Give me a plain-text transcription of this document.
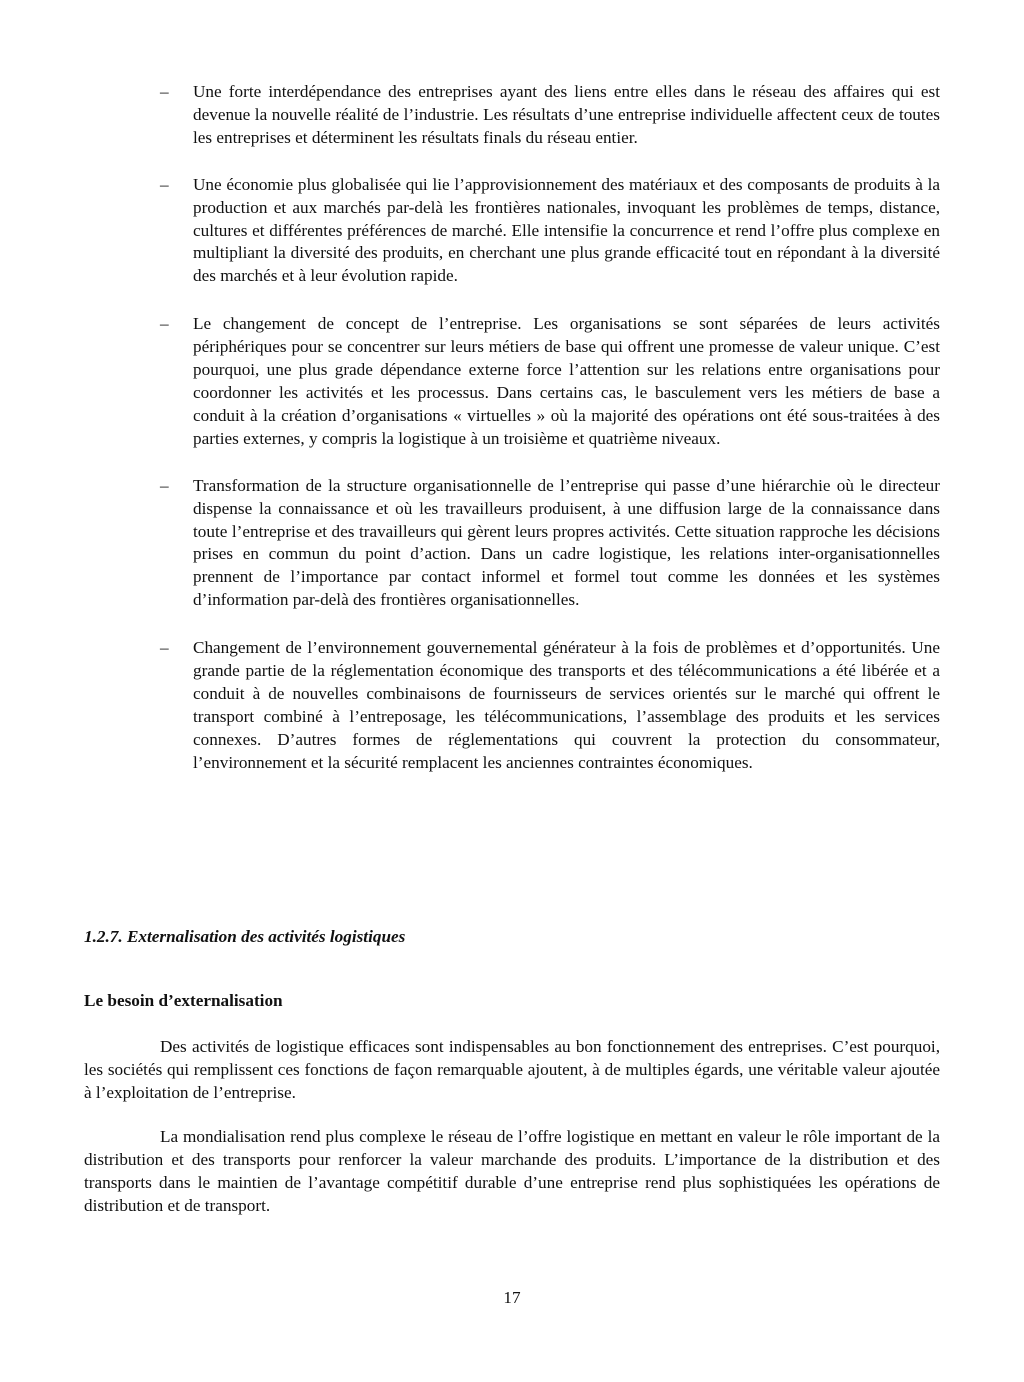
– Une forte interdépendance des entreprises ayant des liens entre elles dans le réseau des affaires qui est devenue la nouvelle réalité de l’industrie. Les résultats d’une entreprise individuelle affectent ceux de toutes les entreprises et déterminent les résultats finals du réseau entier.
– Une économie plus globalisée qui lie l’approvisionnement des matériaux et des composants de produits à la production et aux marchés par-delà les frontières nationales, invoquant les problèmes de temps, distance, cultures et différentes préférences de marché. Elle intensifie la concurrence et rend l’offre plus complexe en multipliant la diversité des produits, en cherchant une plus grande efficacité tout en répondant à la diversité des marchés et à leur évolution rapide.
– Le changement de concept de l’entreprise. Les organisations se sont séparées de leurs activités périphériques pour se concentrer sur leurs métiers de base qui offrent une promesse de valeur unique. C’est pourquoi, une plus grade dépendance externe force l’attention sur les relations entre organisations pour coordonner les activités et les processus. Dans certains cas, le basculement vers les métiers de base a conduit à la création d’organisations « virtuelles » où la majorité des opérations ont été sous-traitées à des parties externes, y compris la logistique à un troisième et quatrième niveaux.
– Transformation de la structure organisationnelle de l’entreprise qui passe d’une hiérarchie où le directeur dispense la connaissance et où les travailleurs produisent, à une diffusion large de la connaissance dans toute l’entreprise et des travailleurs qui gèrent leurs propres activités. Cette situation rapproche les décisions prises en commun du point d’action. Dans un cadre logistique, les relations inter-organisationnelles prennent de l’importance par contact informel et formel tout comme les données et les systèmes d’information par-delà des frontières organisationnelles.
– Changement de l’environnement gouvernemental générateur à la fois de problèmes et d’opportunités. Une grande partie de la réglementation économique des transports et des télécommunications a été libérée et a conduit à de nouvelles combinaisons de fournisseurs de services orientés sur le marché qui offrent le transport combiné à l’entreposage, les télécommunications, l’assemblage des produits et les services connexes. D’autres formes de réglementations qui couvrent la protection du consommateur, l’environnement et la sécurité remplacent les anciennes contraintes économiques.
1.2.7. Externalisation des activités logistiques
Le besoin d’externalisation

Des activités de logistique efficaces sont indispensables au bon fonctionnement des entreprises. C’est pourquoi, les sociétés qui remplissent ces fonctions de façon remarquable ajoutent, à de multiples égards, une véritable valeur ajoutée à l’exploitation de l’entreprise.

La mondialisation rend plus complexe le réseau de l’offre logistique en mettant en valeur le rôle important de la distribution et des transports pour renforcer la valeur marchande des produits. L’importance de la distribution et des transports dans le maintien de l’avantage compétitif durable d’une entreprise rend plus sophistiquées les opérations de distribution et de transport.

17
